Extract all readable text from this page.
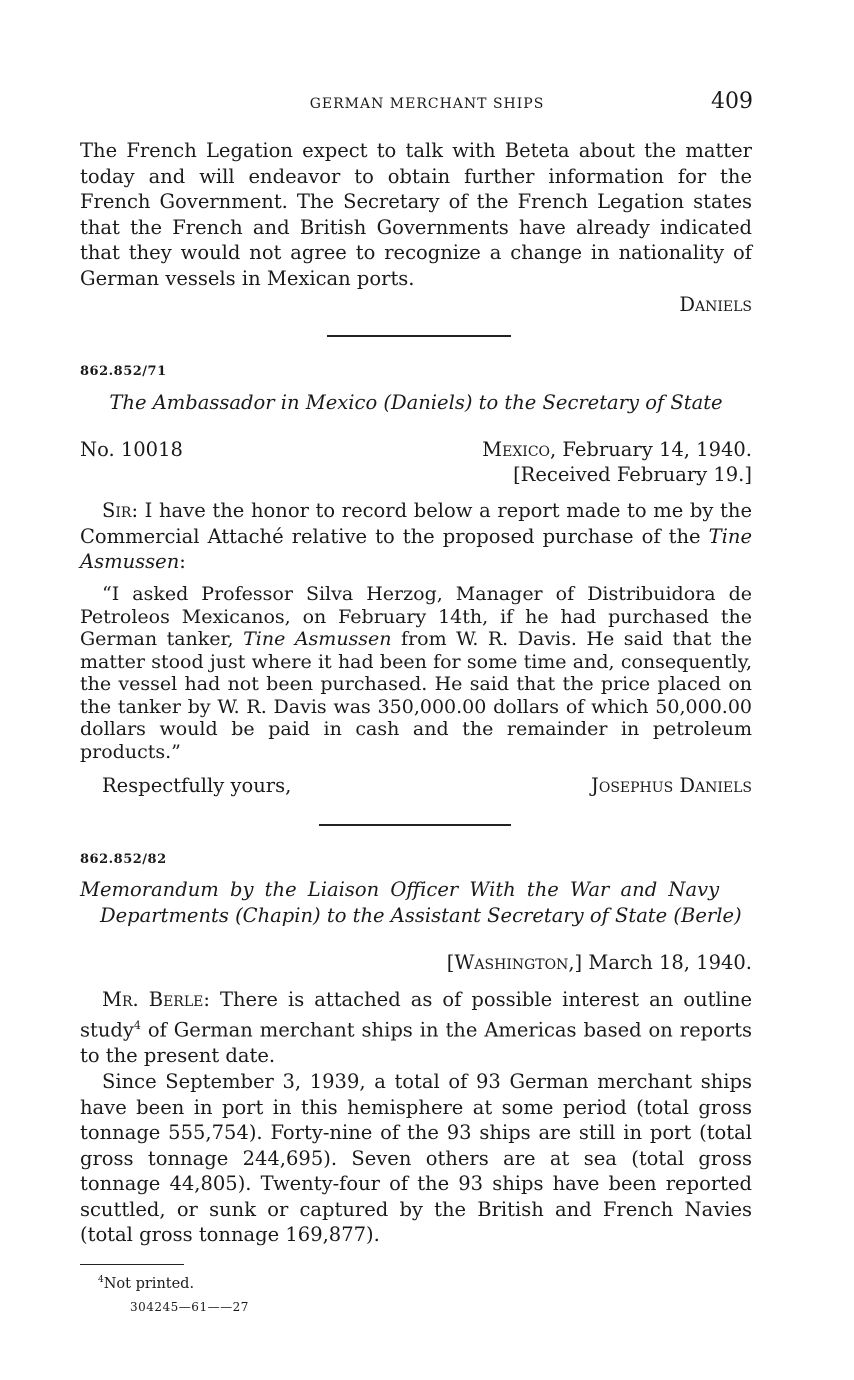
GERMAN MERCHANT SHIPS	409
The French Legation expect to talk with Beteta about the matter today and will endeavor to obtain further information for the French Government. The Secretary of the French Legation states that the French and British Governments have already indicated that they would not agree to recognize a change in nationality of German vessels in Mexican ports.
Daniels
862.852/71
The Ambassador in Mexico (Daniels) to the Secretary of State
No. 10018	Mexico, February 14, 1940.
[Received February 19.]
Sir: I have the honor to record below a report made to me by the Commercial Attaché relative to the proposed purchase of the Tine Asmussen:
“I asked Professor Silva Herzog, Manager of Distribuidora de Petroleos Mexicanos, on February 14th, if he had purchased the German tanker, Tine Asmussen from W. R. Davis. He said that the matter stood just where it had been for some time and, consequently, the vessel had not been purchased. He said that the price placed on the tanker by W. R. Davis was 350,000.00 dollars of which 50,000.00 dollars would be paid in cash and the remainder in petroleum products.”
Respectfully yours,	Josephus Daniels
862.852/82
Memorandum by the Liaison Officer With the War and Navy
Departments (Chapin) to the Assistant Secretary of State (Berle)
[Washington,] March 18, 1940.
Mr. Berle: There is attached as of possible interest an outline study$^4$ of German merchant ships in the Americas based on reports to the present date.
Since September 3, 1939, a total of 93 German merchant ships have been in port in this hemisphere at some period (total gross tonnage 555,754). Forty-nine of the 93 ships are still in port (total gross tonnage 244,695). Seven others are at sea (total gross tonnage 44,805). Twenty-four of the 93 ships have been reported scuttled, or sunk or captured by the British and French Navies (total gross tonnage 169,877).
$^4$Not printed.
304245—61——27
